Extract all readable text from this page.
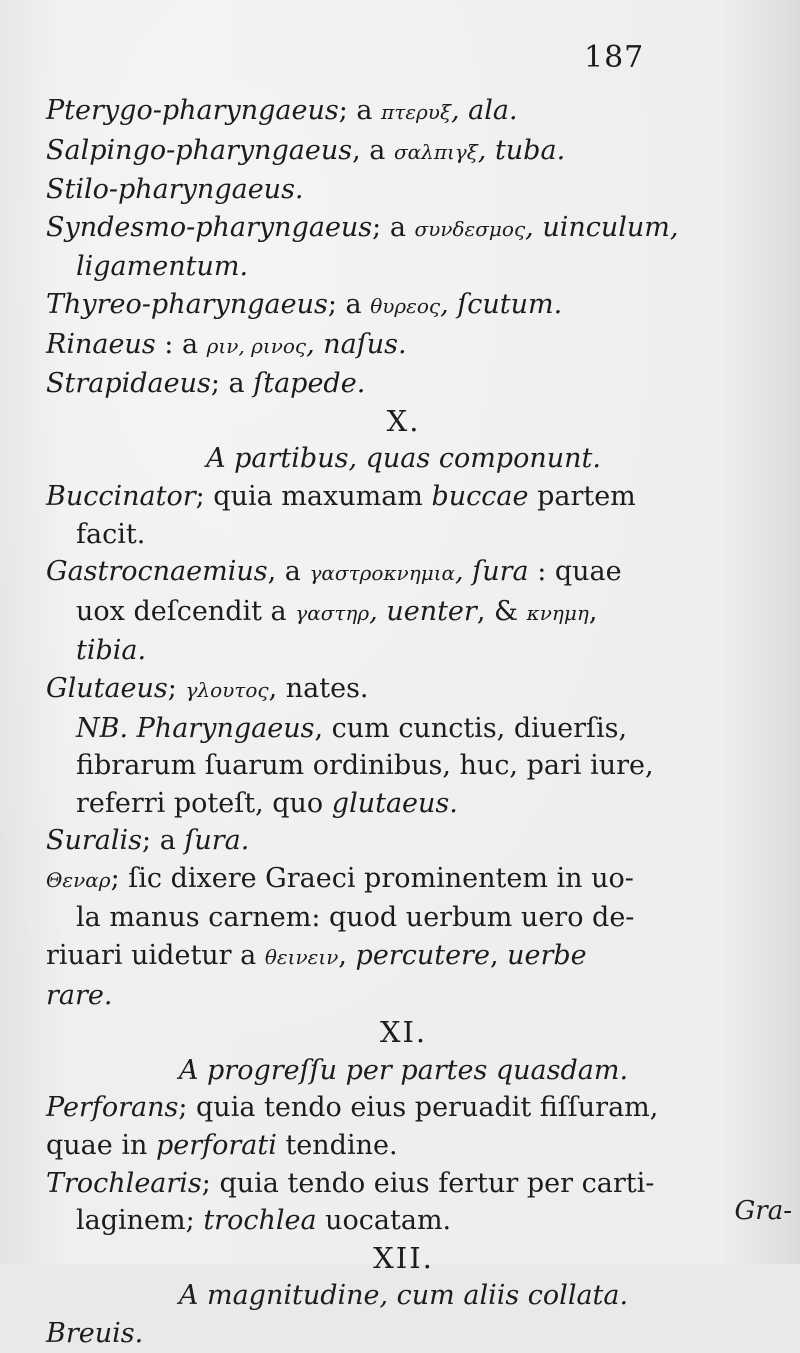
187
Pterygo-pharyngaeus; a πτερυξ, ala.
Salpingo-pharyngaeus, a σαλπιγξ, tuba.
Stilo-pharyngaeus.
Syndesmo-pharyngaeus; a συνδεσμος, uinculum,
ligamentum.
Thyreo-pharyngaeus; a θυρεος, ſcutum.
Rinaeus : a ριν, ρινος, naſus.
Strapidaeus; a ſtapede.
X.
A partibus, quas componunt.
Buccinator; quia maxumam buccae partem
facit.
Gastrocnaemius, a γαστροκνημια, ſura : quae
uox deſcendit a γαστηρ, uenter, & κνημη,
tibia.
Glutaeus; γλουτος, nates.
NB. Pharyngaeus, cum cunctis, diuerſis,
fibrarum ſuarum ordinibus, huc, pari iure,
referri poteſt, quo glutaeus.
Suralis; a ſura.
Θεναρ; ſic dixere Graeci prominentem in uo-
la manus carnem: quod uerbum uero de-
riuari uidetur a θεινειν, percutere, uerbe
rare.
XI.
A progreſſu per partes quasdam.
Perforans; quia tendo eius peruadit fiſſuram,
quae in perforati tendine.
Trochlearis; quia tendo eius fertur per carti-
laginem; trochlea uocatam.
XII.
A magnitudine, cum aliis collata.
Breuis.
Gra-
